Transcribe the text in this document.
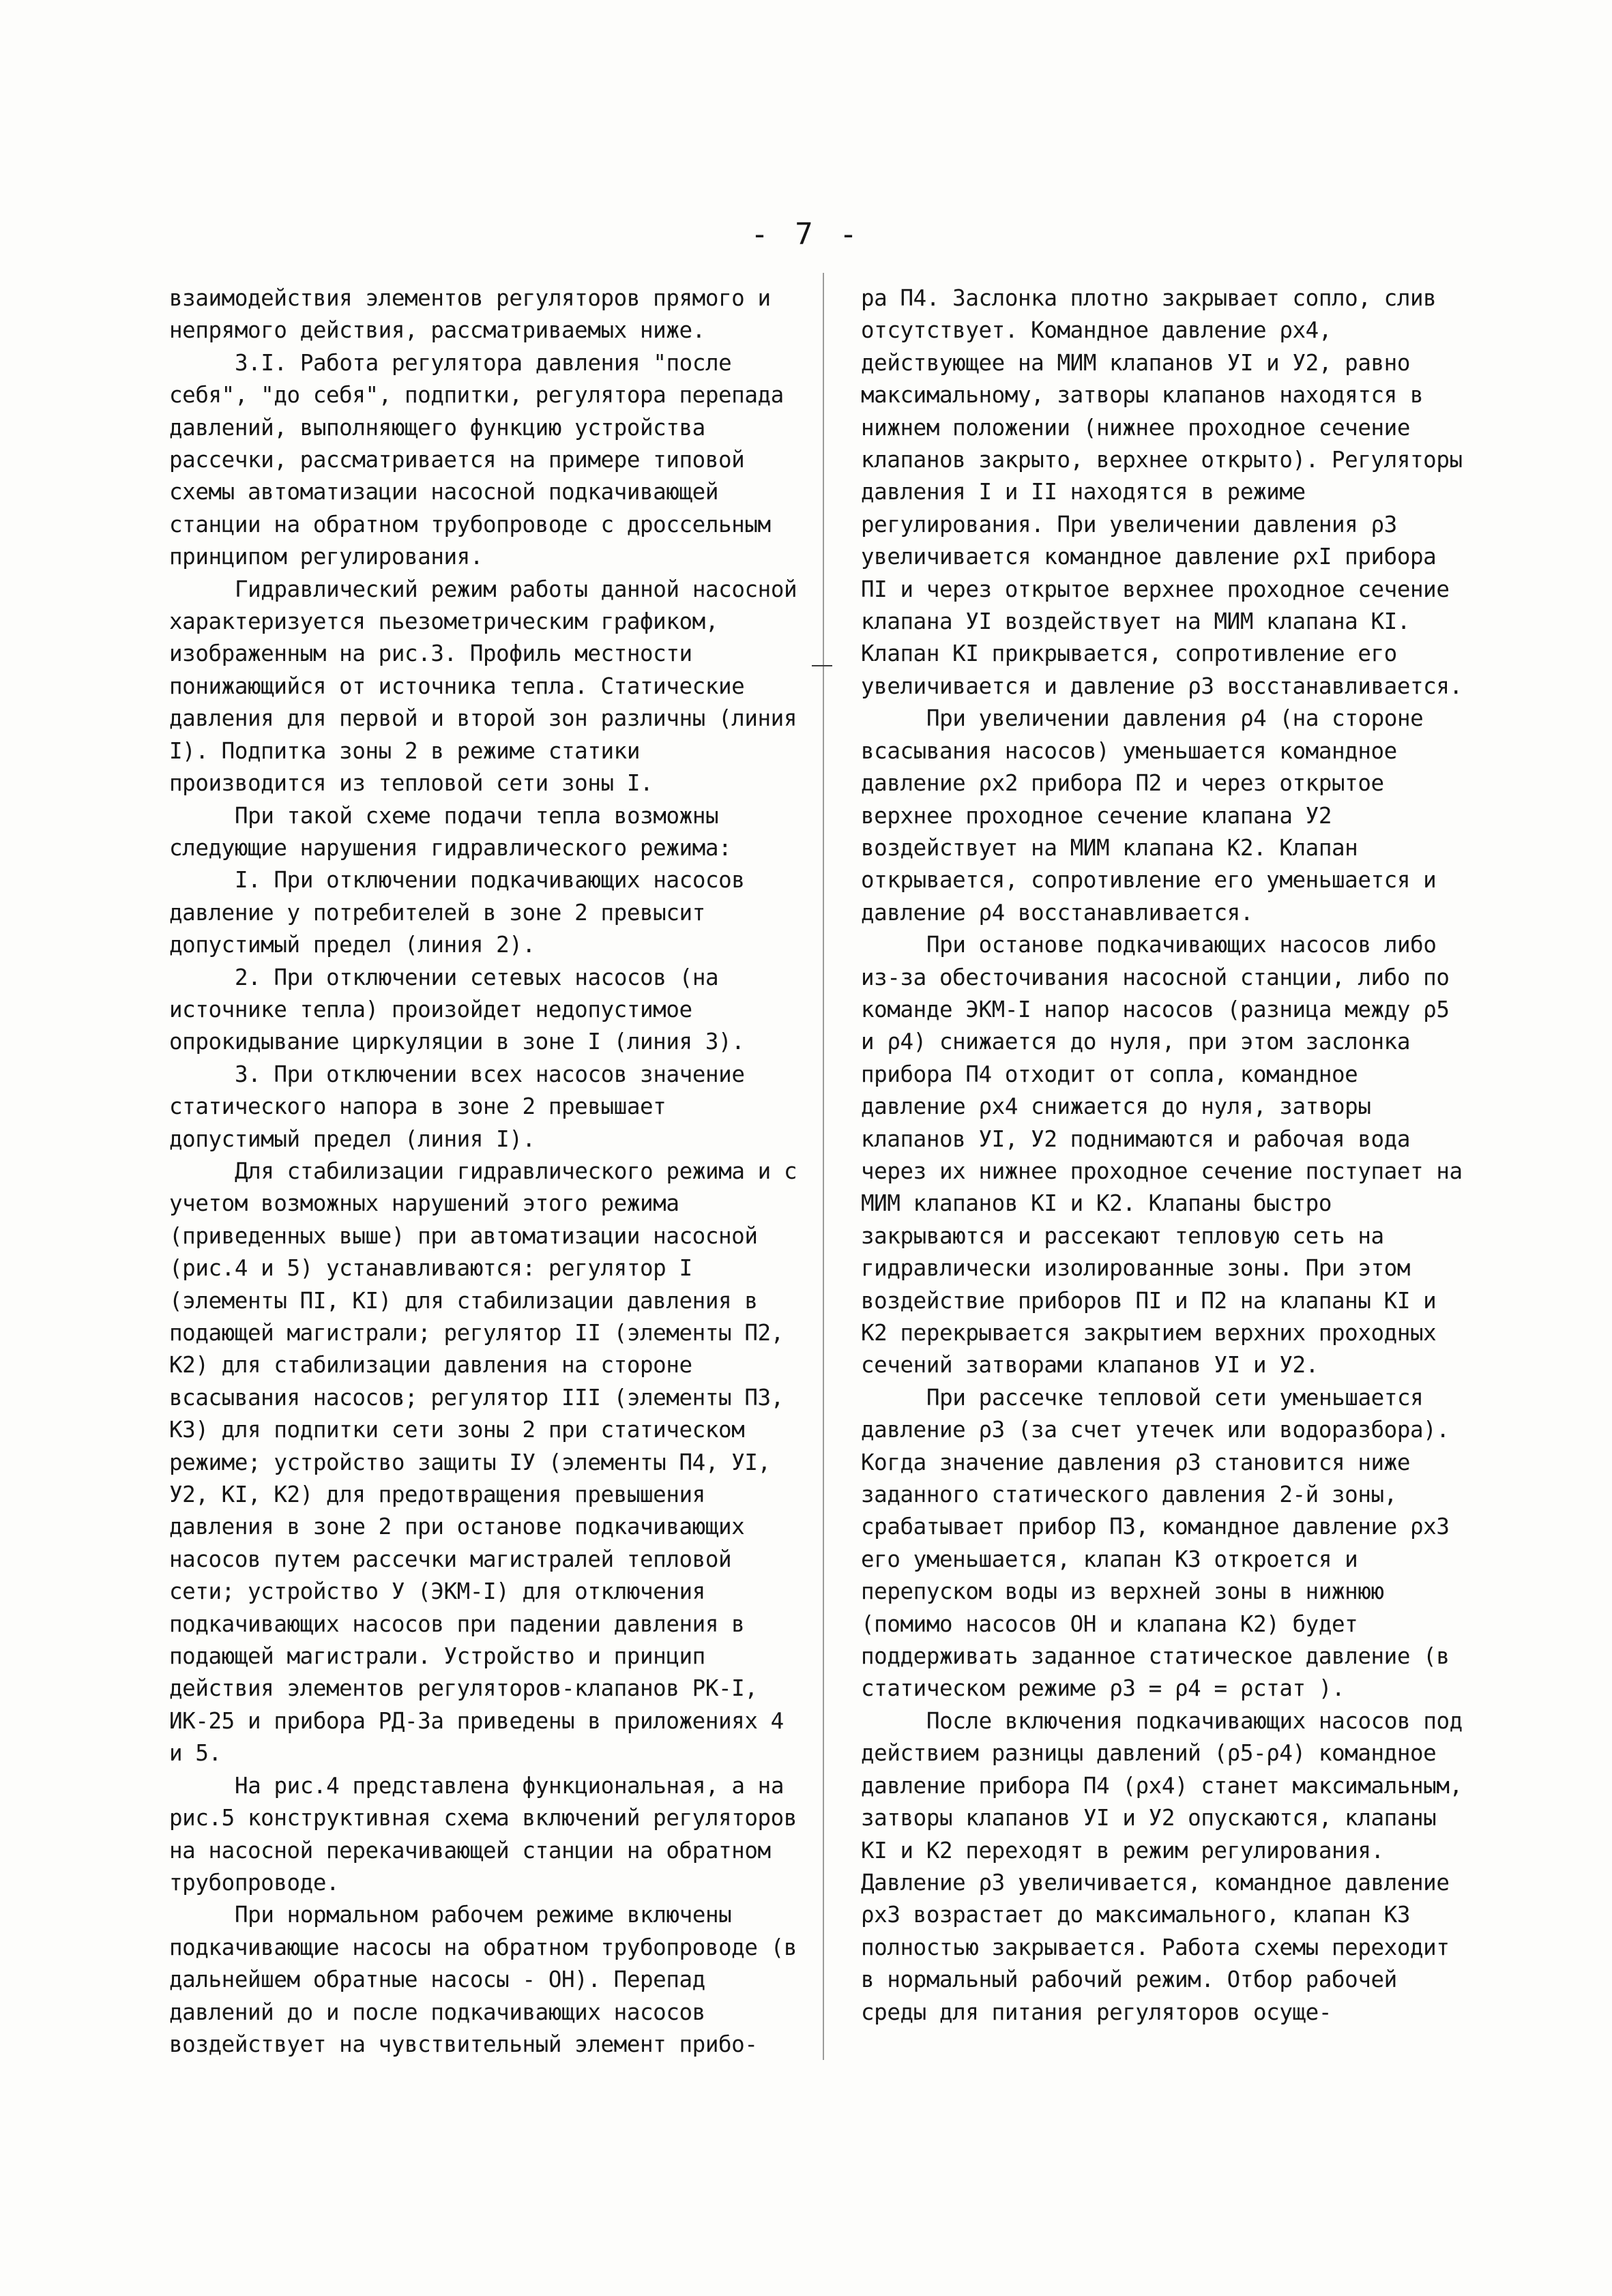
- 7 -

взаимодействия элементов регуляторов прямого и непрямого действия, рассматриваемых ниже.

3.I. Работа регулятора давления "после себя", "до себя", подпитки, регулятора перепада давлений, выполняющего функцию устройства рассечки, рассматривается на примере типовой схемы автоматизации насосной подкачивающей станции на обратном трубопроводе с дроссельным принципом регулирования.

Гидравлический режим работы данной насосной характеризуется пьезометрическим графиком, изображенным на рис.3. Профиль местности понижающийся от источника тепла. Статические давления для первой и второй зон различны (линия I). Подпитка зоны 2 в режиме статики производится из тепловой сети зоны I.

При такой схеме подачи тепла возможны следующие нарушения гидравлического режима:

I. При отключении подкачивающих насосов давление у потребителей в зоне 2 превысит допустимый предел (линия 2).

2. При отключении сетевых насосов (на источнике тепла) произойдет недопустимое опрокидывание циркуляции в зоне I (линия 3).

3. При отключении всех насосов значение статического напора в зоне 2 превышает допустимый предел (линия I).

Для стабилизации гидравлического режима и с учетом возможных нарушений этого режима (приведенных выше) при автоматизации насосной (рис.4 и 5) устанавливаются: регулятор I (элементы ПI, КI) для стабилизации давления в подающей магистрали; регулятор II (элементы П2, К2) для стабилизации давления на стороне всасывания насосов; регулятор III (элементы П3, К3) для подпитки сети зоны 2 при статическом режиме; устройство защиты IУ (элементы П4, УI, У2, КI, К2) для предотвращения превышения давления в зоне 2 при останове подкачивающих насосов путем рассечки магистралей тепловой сети; устройство У (ЭКМ-I) для отключения подкачивающих насосов при падении давления в подающей магистрали. Устройство и принцип действия элементов регуляторов-клапанов РК-I, ИК-25 и прибора РД-3а приведены в приложениях 4 и 5.

На рис.4 представлена функциональная, а на рис.5 конструктивная схема включений регуляторов на насосной перекачивающей станции на обратном трубопроводе.

При нормальном рабочем режиме включены подкачивающие насосы на обратном трубопроводе (в дальнейшем обратные насосы - ОН). Перепад давлений до и после подкачивающих насосов воздействует на чувствительный элемент прибо-

ра П4. Заслонка плотно закрывает сопло, слив отсутствует. Командное давление ρх4, действующее на МИМ клапанов УI и У2, равно максимальному, затворы клапанов находятся в нижнем положении (нижнее проходное сечение клапанов закрыто, верхнее открыто). Регуляторы давления I и II находятся в режиме регулирования. При увеличении давления ρ3 увеличивается командное давление ρхI прибора ПI и через открытое верхнее проходное сечение клапана УI воздействует на МИМ клапана КI. Клапан КI прикрывается, сопротивление его увеличивается и давление ρ3 восстанавливается.

При увеличении давления ρ4 (на стороне всасывания насосов) уменьшается командное давление ρх2 прибора П2 и через открытое верхнее проходное сечение клапана У2 воздействует на МИМ клапана К2. Клапан открывается, сопротивление его уменьшается и давление ρ4 восстанавливается.

При останове подкачивающих насосов либо из-за обесточивания насосной станции, либо по команде ЭКМ-I напор насосов (разница между ρ5 и ρ4) снижается до нуля, при этом заслонка прибора П4 отходит от сопла, командное давление ρх4 снижается до нуля, затворы клапанов УI, У2 поднимаются и рабочая вода через их нижнее проходное сечение поступает на МИМ клапанов КI и К2. Клапаны быстро закрываются и рассекают тепловую сеть на гидравлически изолированные зоны. При этом воздействие приборов ПI и П2 на клапаны КI и К2 перекрывается закрытием верхних проходных сечений затворами клапанов УI и У2.

При рассечке тепловой сети уменьшается давление ρ3 (за счет утечек или водоразбора). Когда значение давления ρ3 становится ниже заданного статического давления 2-й зоны, срабатывает прибор П3, командное давление ρх3 его уменьшается, клапан К3 откроется и перепуском воды из верхней зоны в нижнюю (помимо насосов ОН и клапана К2) будет поддерживать заданное статическое давление (в статическом режиме ρ3 = ρ4 = ρстат ).

После включения подкачивающих насосов под действием разницы давлений (ρ5-ρ4) командное давление прибора П4 (ρх4) станет максимальным, затворы клапанов УI и У2 опускаются, клапаны КI и К2 переходят в режим регулирования. Давление ρ3 увеличивается, командное давление ρх3 возрастает до максимального, клапан К3 полностью закрывается. Работа схемы переходит в нормальный рабочий режим. Отбор рабочей среды для питания регуляторов осуще-
